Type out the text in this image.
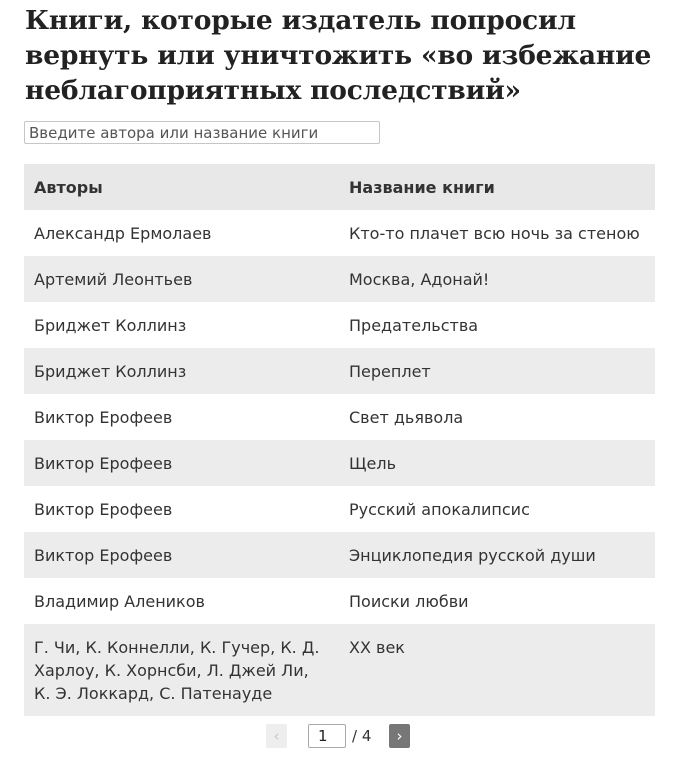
Книги, которые издатель попросил вернуть или уничтожить «во избежание неблагоприятных последствий»
Введите автора или название книги
Авторы	Название книги
Александр Ермолаев	Кто-то плачет всю ночь за стеною
Артемий Леонтьев	Москва, Адонай!
Бриджет Коллинз	Предательства
Бриджет Коллинз	Переплет
Виктор Ерофеев	Свет дьявола
Виктор Ерофеев	Щель
Виктор Ерофеев	Русский апокалипсис
Виктор Ерофеев	Энциклопедия русской души
Владимир Алеников	Поиски любви
Г. Чи, К. Коннелли, К. Гучер, К. Д. Харлоу, К. Хорнсби, Л. Джей Ли, К. Э. Локкард, С. Патенауде	XX век
‹
1	/ 4	›
